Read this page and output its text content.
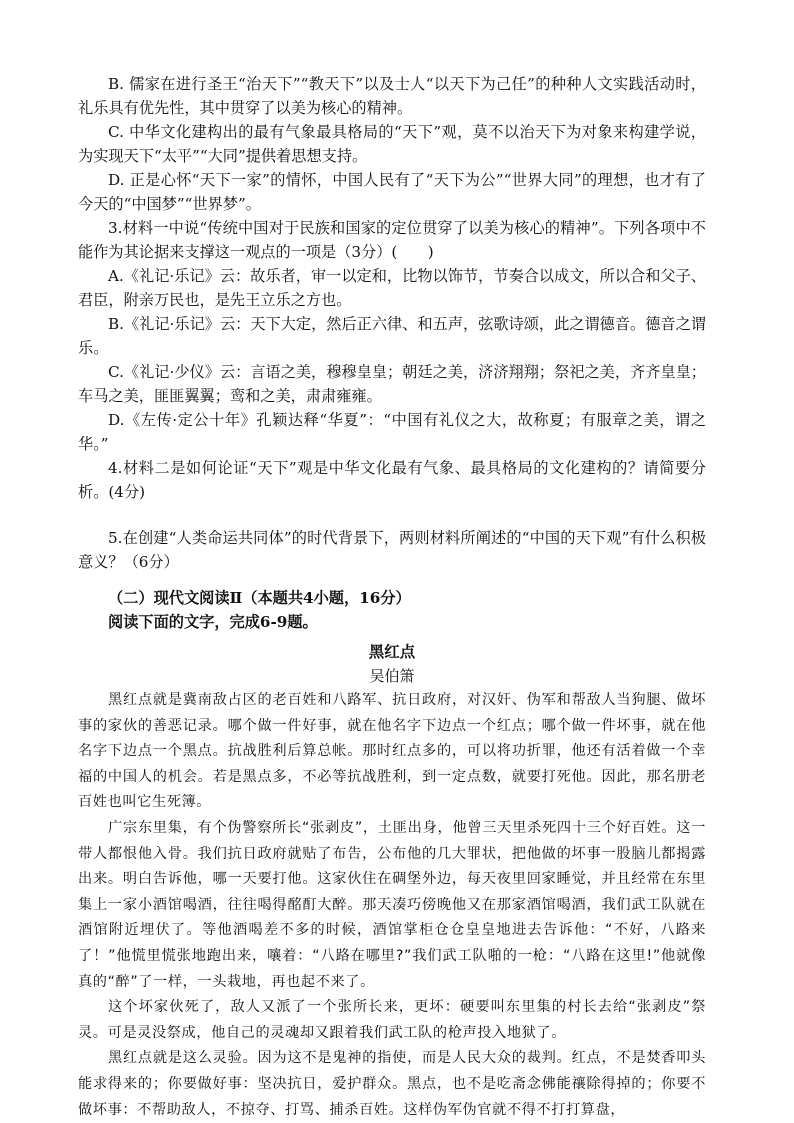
B. 儒家在进行圣王“治天下”“教天下”以及士人“以天下为己任”的种种人文实践活动时，礼乐具有优先性，其中贯穿了以美为核心的精神。

C. 中华文化建构出的最有气象最具格局的“天下”观，莫不以治天下为对象来构建学说，为实现天下“太平”“大同”提供着思想支持。

D. 正是心怀“天下一家”的情怀，中国人民有了“天下为公”“世界大同”的理想，也才有了今天的“中国梦”“世界梦”。

3.材料一中说“传统中国对于民族和国家的定位贯穿了以美为核心的精神”。下列各项中不能作为其论据来支撑这一观点的一项是（3分）(　　)

A.《礼记·乐记》云：故乐者，审一以定和，比物以饰节，节奏合以成文，所以合和父子、君臣，附亲万民也，是先王立乐之方也。

B.《礼记·乐记》云：天下大定，然后正六律、和五声，弦歌诗颂，此之谓德音。德音之谓乐。

C.《礼记·少仪》云：言语之美，穆穆皇皇；朝廷之美，济济翔翔；祭祀之美，齐齐皇皇；车马之美，匪匪翼翼；鸾和之美，肃肃雍雍。

D.《左传·定公十年》孔颖达释“华夏”：“中国有礼仪之大，故称夏；有服章之美，谓之华。”

4.材料二是如何论证“天下”观是中华文化最有气象、最具格局的文化建构的？请简要分析。(4分)

5.在创建“人类命运共同体”的时代背景下，两则材料所阐述的“中国的天下观”有什么积极意义？（6分）

（二）现代文阅读Ⅱ（本题共4小题，16分）

阅读下面的文字，完成6-9题。

黑红点

吴伯箫

黑红点就是冀南敌占区的老百姓和八路军、抗日政府，对汉奸、伪军和帮敌人当狗腿、做坏事的家伙的善恶记录。哪个做一件好事，就在他名字下边点一个红点；哪个做一件坏事，就在他名字下边点一个黑点。抗战胜利后算总帐。那时红点多的，可以将功折罪，他还有活着做一个幸福的中国人的机会。若是黑点多，不必等抗战胜利，到一定点数，就要打死他。因此，那名册老百姓也叫它生死簿。

广宗东里集，有个伪警察所长“张剥皮”，土匪出身，他曾三天里杀死四十三个好百姓。这一带人都恨他入骨。我们抗日政府就贴了布告，公布他的几大罪状，把他做的坏事一股脑儿都揭露出来。明白告诉他，哪一天要打他。这家伙住在碉堡外边，每天夜里回家睡觉，并且经常在东里集上一家小酒馆喝酒，往往喝得酩酊大醉。那天凑巧傍晚他又在那家酒馆喝酒，我们武工队就在酒馆附近埋伏了。等他酒喝差不多的时候，酒馆掌柜仓仓皇皇地进去告诉他：“不好，八路来了！”他慌里慌张地跑出来，嚷着：“八路在哪里?”我们武工队啪的一枪：“八路在这里!”他就像真的“醉”了一样，一头栽地，再也起不来了。

这个坏家伙死了，敌人又派了一个张所长来，更坏：硬要叫东里集的村长去给“张剥皮”祭灵。可是灵没祭成，他自己的灵魂却又跟着我们武工队的枪声投入地狱了。

黑红点就是这么灵验。因为这不是鬼神的指使，而是人民大众的裁判。红点，不是焚香叩头能求得来的；你要做好事：坚决抗日，爱护群众。黑点，也不是吃斋念佛能禳除得掉的；你要不做坏事：不帮助敌人，不掠夺、打骂、捕杀百姓。这样伪军伪官就不得不打打算盘，
